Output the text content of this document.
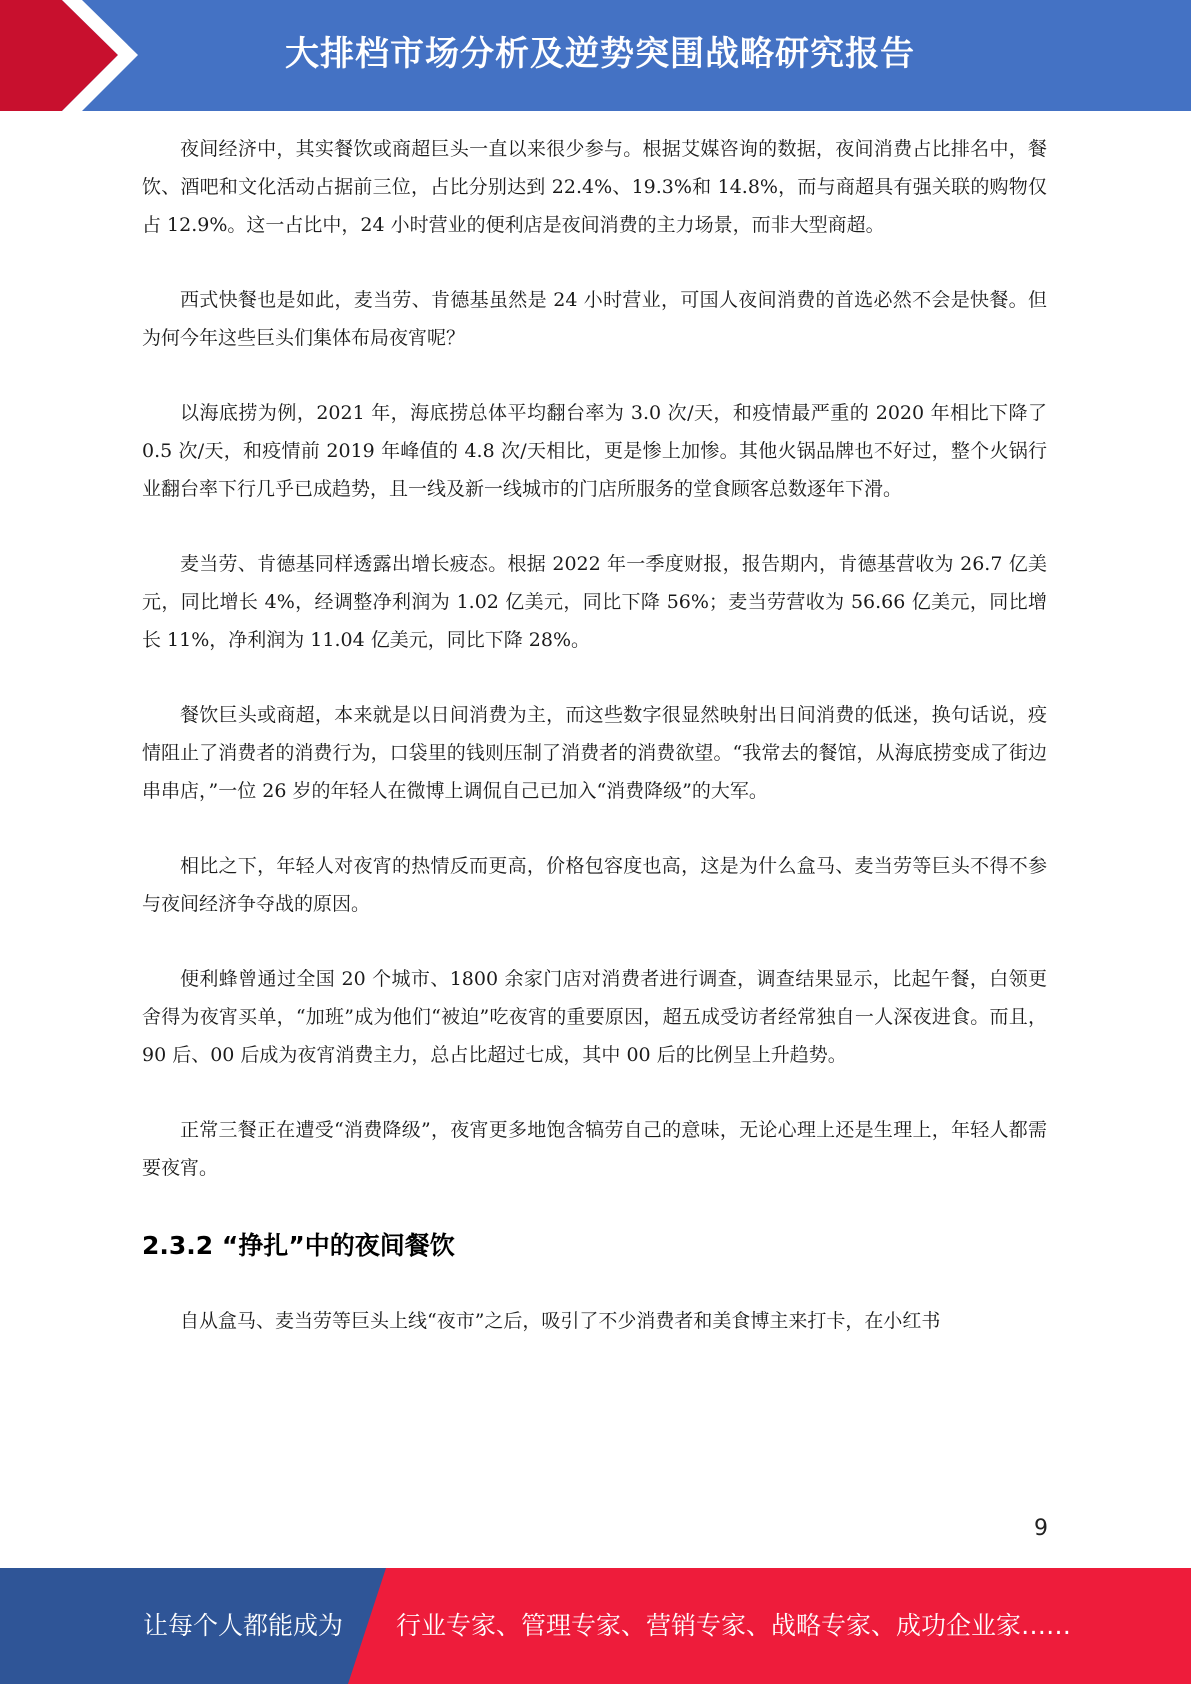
大排档市场分析及逆势突围战略研究报告

夜间经济中，其实餐饮或商超巨头一直以来很少参与。根据艾媒咨询的数据，夜间消费占比排名中，餐饮、酒吧和文化活动占据前三位，占比分别达到 22.4%、19.3%和 14.8%，而与商超具有强关联的购物仅占 12.9%。这一占比中，24 小时营业的便利店是夜间消费的主力场景，而非大型商超。

西式快餐也是如此，麦当劳、肯德基虽然是 24 小时营业，可国人夜间消费的首选必然不会是快餐。但为何今年这些巨头们集体布局夜宵呢？

以海底捞为例，2021 年，海底捞总体平均翻台率为 3.0 次/天，和疫情最严重的 2020 年相比下降了 0.5 次/天，和疫情前 2019 年峰值的 4.8 次/天相比，更是惨上加惨。其他火锅品牌也不好过，整个火锅行业翻台率下行几乎已成趋势，且一线及新一线城市的门店所服务的堂食顾客总数逐年下滑。

麦当劳、肯德基同样透露出增长疲态。根据 2022 年一季度财报，报告期内，肯德基营收为 26.7 亿美元，同比增长 4%，经调整净利润为 1.02 亿美元，同比下降 56%；麦当劳营收为 56.66 亿美元，同比增长 11%，净利润为 11.04 亿美元，同比下降 28%。

餐饮巨头或商超，本来就是以日间消费为主，而这些数字很显然映射出日间消费的低迷，换句话说，疫情阻止了消费者的消费行为，口袋里的钱则压制了消费者的消费欲望。“我常去的餐馆，从海底捞变成了街边串串店，”一位 26 岁的年轻人在微博上调侃自己已加入“消费降级”的大军。

相比之下，年轻人对夜宵的热情反而更高，价格包容度也高，这是为什么盒马、麦当劳等巨头不得不参与夜间经济争夺战的原因。

便利蜂曾通过全国 20 个城市、1800 余家门店对消费者进行调查，调查结果显示，比起午餐，白领更舍得为夜宵买单，“加班”成为他们“被迫”吃夜宵的重要原因，超五成受访者经常独自一人深夜进食。而且，90 后、00 后成为夜宵消费主力，总占比超过七成，其中 00 后的比例呈上升趋势。

正常三餐正在遭受“消费降级”，夜宵更多地饱含犒劳自己的意味，无论心理上还是生理上，年轻人都需要夜宵。

2.3.2 “挣扎”中的夜间餐饮

自从盒马、麦当劳等巨头上线“夜市”之后，吸引了不少消费者和美食博主来打卡，在小红书

9
让每个人都能成为 行业专家、管理专家、营销专家、战略专家、成功企业家……
